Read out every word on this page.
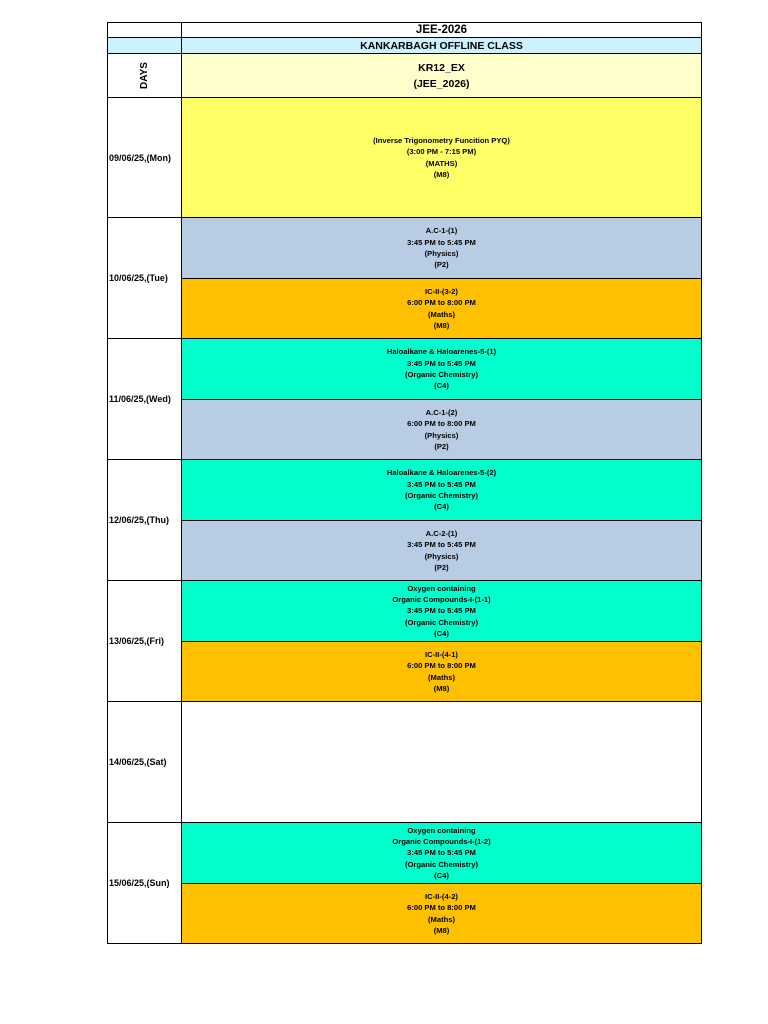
JEE-2026
KANKARBAGH OFFLINE CLASS
DAYS	KR12_EX
(JEE_2026)
09/06/25,(Mon)
(Inverse Trigonometry Funcition PYQ)
(3:00 PM - 7:15 PM)
(MATHS)
(M8)
10/06/25,(Tue)
A.C-1-(1)
3:45 PM to 5:45 PM
(Physics)
(P2)
IC-II-(3-2)
6:00 PM to 8:00 PM
(Maths)
(M8)
11/06/25,(Wed)
Haloalkane & Haloarenes-5-(1)
3:45 PM to 5:45 PM
(Organic Chemistry)
(C4)
A.C-1-(2)
6:00 PM to 8:00 PM
(Physics)
(P2)
12/06/25,(Thu)
Haloalkane & Haloarenes-5-(2)
3:45 PM to 5:45 PM
(Organic Chemistry)
(C4)
A.C-2-(1)
3:45 PM to 5:45 PM
(Physics)
(P2)
13/06/25,(Fri)
Oxygen containing
Organic Compounds-I-(1-1)
3:45 PM to 5:45 PM
(Organic Chemistry)
(C4)
IC-II-(4-1)
6:00 PM to 8:00 PM
(Maths)
(M8)
14/06/25,(Sat)
15/06/25,(Sun)
Oxygen containing
Organic Compounds-I-(1-2)
3:45 PM to 5:45 PM
(Organic Chemistry)
(C4)
IC-II-(4-2)
6:00 PM to 8:00 PM
(Maths)
(M8)
